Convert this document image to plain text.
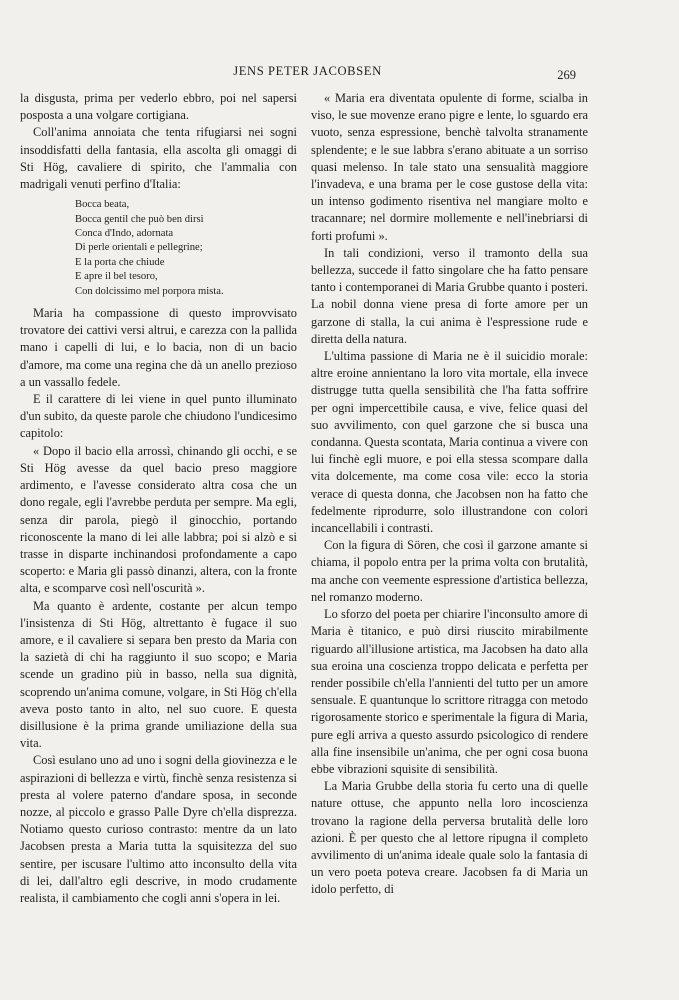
JENS PETER JACOBSEN	269

la disgusta, prima per vederlo ebbro, poi nel sapersi posposta a una volgare cortigiana.

Coll'anima annoiata che tenta rifugiarsi nei sogni insoddisfatti della fantasia, ella ascolta gli omaggi di Sti Hög, cavaliere di spirito, che l'ammalia con madrigali venuti perfino d'Italia:

Bocca beata,
Bocca gentil che può ben dirsi
Conca d'Indo, adornata
Di perle orientali e pellegrine;
E la porta che chiude
E apre il bel tesoro,
Con dolcissimo mel porpora mista.

Maria ha compassione di questo improvvisato trovatore dei cattivi versi altrui, e carezza con la pallida mano i capelli di lui, e lo bacia, non di un bacio d'amore, ma come una regina che dà un anello prezioso a un vassallo fedele.

E il carattere di lei viene in quel punto illuminato d'un subito, da queste parole che chiudono l'undicesimo capitolo:

« Dopo il bacio ella arrossì, chinando gli occhi, e se Sti Hög avesse da quel bacio preso maggiore ardimento, e l'avesse considerato altra cosa che un dono regale, egli l'avrebbe perduta per sempre. Ma egli, senza dir parola, piegò il ginocchio, portando riconoscente la mano di lei alle labbra; poi si alzò e si trasse in disparte inchinandosi profondamente a capo scoperto: e Maria gli passò dinanzi, altera, con la fronte alta, e scomparve così nell'oscurità ».

Ma quanto è ardente, costante per alcun tempo l'insistenza di Sti Hög, altrettanto è fugace il suo amore, e il cavaliere si separa ben presto da Maria con la sazietà di chi ha raggiunto il suo scopo; e Maria scende un gradino più in basso, nella sua dignità, scoprendo un'anima comune, volgare, in Sti Hög ch'ella aveva posto tanto in alto, nel suo cuore. E questa disillusione è la prima grande umiliazione della sua vita.

Così esulano uno ad uno i sogni della giovinezza e le aspirazioni di bellezza e virtù, finchè senza resistenza si presta al volere paterno d'andare sposa, in seconde nozze, al piccolo e grasso Palle Dyre ch'ella disprezza. Notiamo questo curioso contrasto: mentre da un lato Jacobsen presta a Maria tutta la squisitezza del suo sentire, per iscusare l'ultimo atto inconsulto della vita di lei, dall'altro egli descrive, in modo crudamente realista, il cambiamento che cogli anni s'opera in lei.

« Maria era diventata opulente di forme, scialba in viso, le sue movenze erano pigre e lente, lo sguardo era vuoto, senza espressione, benchè talvolta stranamente splendente; e le sue labbra s'erano abituate a un sorriso quasi melenso. In tale stato una sensualità maggiore l'invadeva, e una brama per le cose gustose della vita: un intenso godimento risentiva nel mangiare molto e tracannare; nel dormire mollemente e nell'inebriarsi di forti profumi ».

In tali condizioni, verso il tramonto della sua bellezza, succede il fatto singolare che ha fatto pensare tanto i contemporanei di Maria Grubbe quanto i posteri. La nobil donna viene presa di forte amore per un garzone di stalla, la cui anima è l'espressione rude e diretta della natura.

L'ultima passione di Maria ne è il suicidio morale: altre eroine annientano la loro vita mortale, ella invece distrugge tutta quella sensibilità che l'ha fatta soffrire per ogni impercettibile causa, e vive, felice quasi del suo avvilimento, con quel garzone che si busca una condanna. Questa scontata, Maria continua a vivere con lui finchè egli muore, e poi ella stessa scompare dalla vita dolcemente, ma come cosa vile: ecco la storia verace di questa donna, che Jacobsen non ha fatto che fedelmente riprodurre, solo illustrandone con colori incancellabili i contrasti.

Con la figura di Sören, che così il garzone amante si chiama, il popolo entra per la prima volta con brutalità, ma anche con veemente espressione d'artistica bellezza, nel romanzo moderno.

Lo sforzo del poeta per chiarire l'inconsulto amore di Maria è titanico, e può dirsi riuscito mirabilmente riguardo all'illusione artistica, ma Jacobsen ha dato alla sua eroina una coscienza troppo delicata e perfetta per render possibile ch'ella l'annienti del tutto per un amore sensuale. E quantunque lo scrittore ritragga con metodo rigorosamente storico e sperimentale la figura di Maria, pure egli arriva a questo assurdo psicologico di rendere alla fine insensibile un'anima, che per ogni cosa buona ebbe vibrazioni squisite di sensibilità.

La Maria Grubbe della storia fu certo una di quelle nature ottuse, che appunto nella loro incoscienza trovano la ragione della perversa brutalità delle loro azioni. È per questo che al lettore ripugna il completo avvilimento di un'anima ideale quale solo la fantasia di un vero poeta poteva creare. Jacobsen fa di Maria un idolo perfetto, di
